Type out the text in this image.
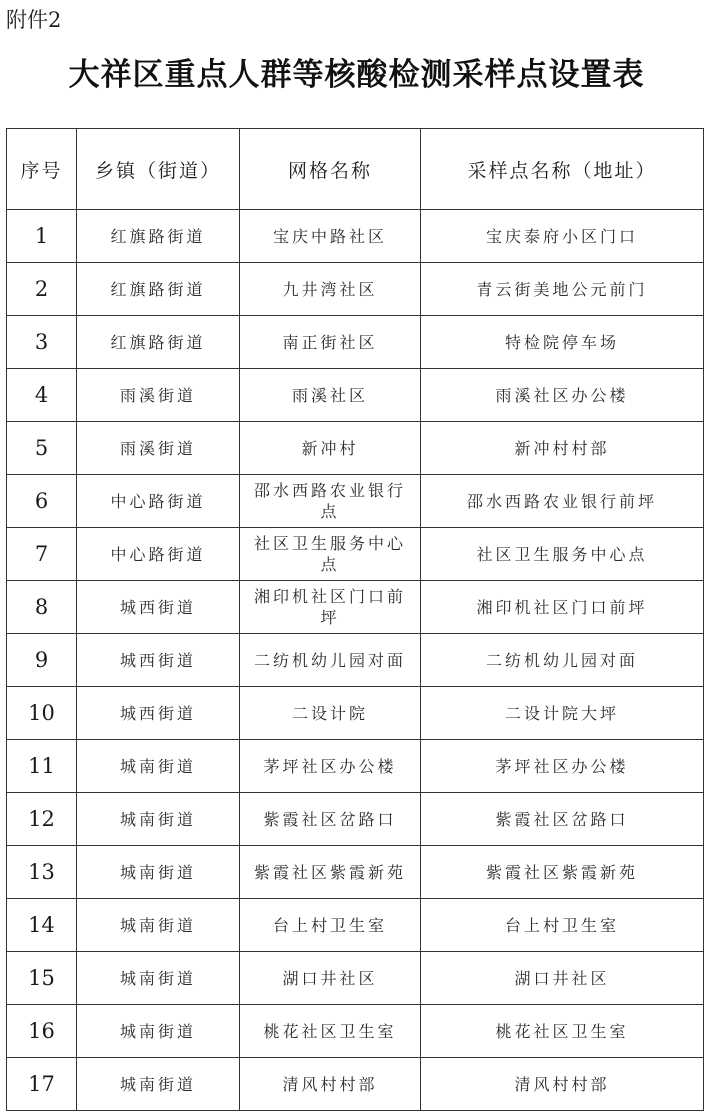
附件2
大祥区重点人群等核酸检测采样点设置表
序号	乡镇（街道）	网格名称	采样点名称（地址）
1	红旗路街道	宝庆中路社区	宝庆泰府小区门口
2	红旗路街道	九井湾社区	青云街美地公元前门
3	红旗路街道	南正街社区	特检院停车场
4	雨溪街道	雨溪社区	雨溪社区办公楼
5	雨溪街道	新冲村	新冲村村部
6	中心路街道	邵水西路农业银行点	邵水西路农业银行前坪
7	中心路街道	社区卫生服务中心点	社区卫生服务中心点
8	城西街道	湘印机社区门口前坪	湘印机社区门口前坪
9	城西街道	二纺机幼儿园对面	二纺机幼儿园对面
10	城西街道	二设计院	二设计院大坪
11	城南街道	茅坪社区办公楼	茅坪社区办公楼
12	城南街道	紫霞社区岔路口	紫霞社区岔路口
13	城南街道	紫霞社区紫霞新苑	紫霞社区紫霞新苑
14	城南街道	台上村卫生室	台上村卫生室
15	城南街道	湖口井社区	湖口井社区
16	城南街道	桃花社区卫生室	桃花社区卫生室
17	城南街道	清风村村部	清风村村部
